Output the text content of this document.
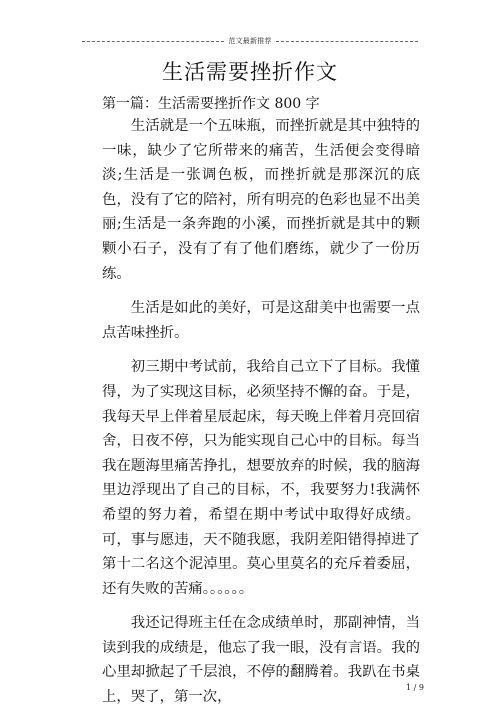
范文最新推荐
生活需要挫折作文
第一篇：生活需要挫折作文 800 字

生活就是一个五味瓶，而挫折就是其中独特的一味，缺少了它所带来的痛苦，生活便会变得暗淡;生活是一张调色板，而挫折就是那深沉的底色，没有了它的陪衬，所有明亮的色彩也显不出美丽;生活是一条奔跑的小溪，而挫折就是其中的颗颗小石子，没有了有了他们磨练，就少了一份历练。

生活是如此的美好，可是这甜美中也需要一点点苦味挫折。

初三期中考试前，我给自己立下了目标。我懂得，为了实现这目标，必须坚持不懈的奋。于是，我每天早上伴着星辰起床，每天晚上伴着月亮回宿舍，日夜不停，只为能实现自己心中的目标。每当我在题海里痛苦挣扎，想要放弃的时候，我的脑海里边浮现出了自己的目标，不，我要努力!我满怀希望的努力着，希望在期中考试中取得好成绩。可，事与愿违，天不随我愿，我阴差阳错得掉进了第十二名这个泥淖里。莫心里莫名的充斥着委屈，还有失败的苦痛。。。。。。

我还记得班主任在念成绩单时，那副神情，当读到我的成绩是，他忘了我一眼，没有言语。我的心里却掀起了千层浪，不停的翻腾着。我趴在书桌上，哭了，第一次，

1 / 9
